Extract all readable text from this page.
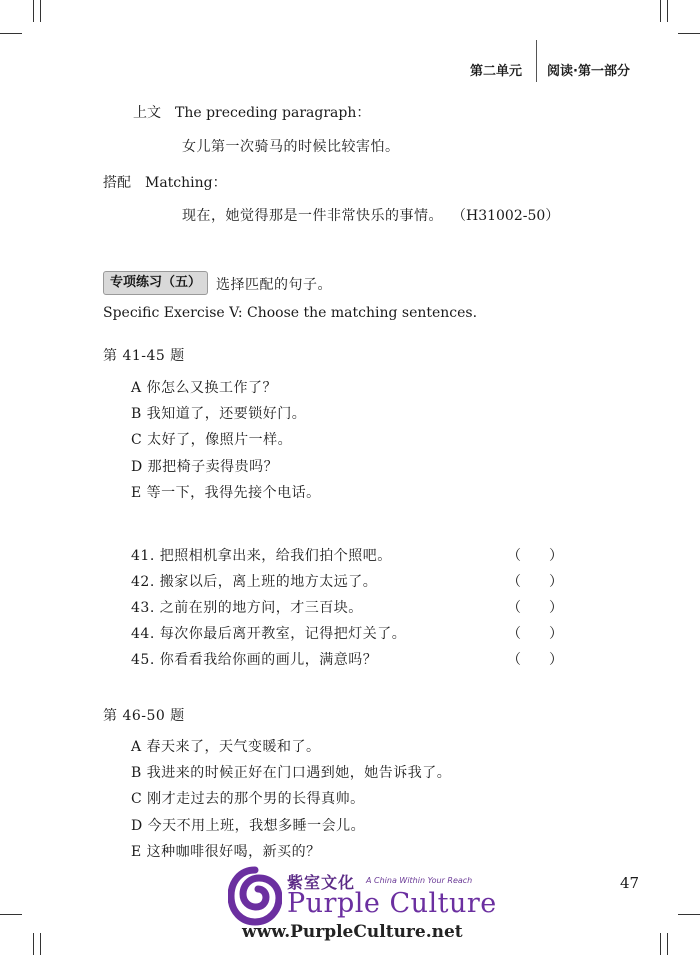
第二单元 阅读·第一部分
上文　The preceding paragraph：
女儿第一次骑马的时候比较害怕。
搭配　Matching：
现在，她觉得那是一件非常快乐的事情。 （H31002-50）
专项练习（五）	选择匹配的句子。
Specific Exercise V: Choose the matching sentences.
第 41-45 题
A 你怎么又换工作了？
B 我知道了，还要锁好门。
C 太好了，像照片一样。
D 那把椅子卖得贵吗？
E 等一下，我得先接个电话。
41. 把照相机拿出来，给我们拍个照吧。	（　　）
42. 搬家以后，离上班的地方太远了。	（　　）
43. 之前在别的地方问，才三百块。	（　　）
44. 每次你最后离开教室，记得把灯关了。	（　　）
45. 你看看我给你画的画儿，满意吗？	（　　）
第 46-50 题
A 春天来了，天气变暖和了。
B 我进来的时候正好在门口遇到她，她告诉我了。
C 刚才走过去的那个男的长得真帅。
D 今天不用上班，我想多睡一会儿。
E 这种咖啡很好喝，新买的？
47
紫室文化 A China Within Your Reach
Purple Culture
www.PurpleCulture.net
